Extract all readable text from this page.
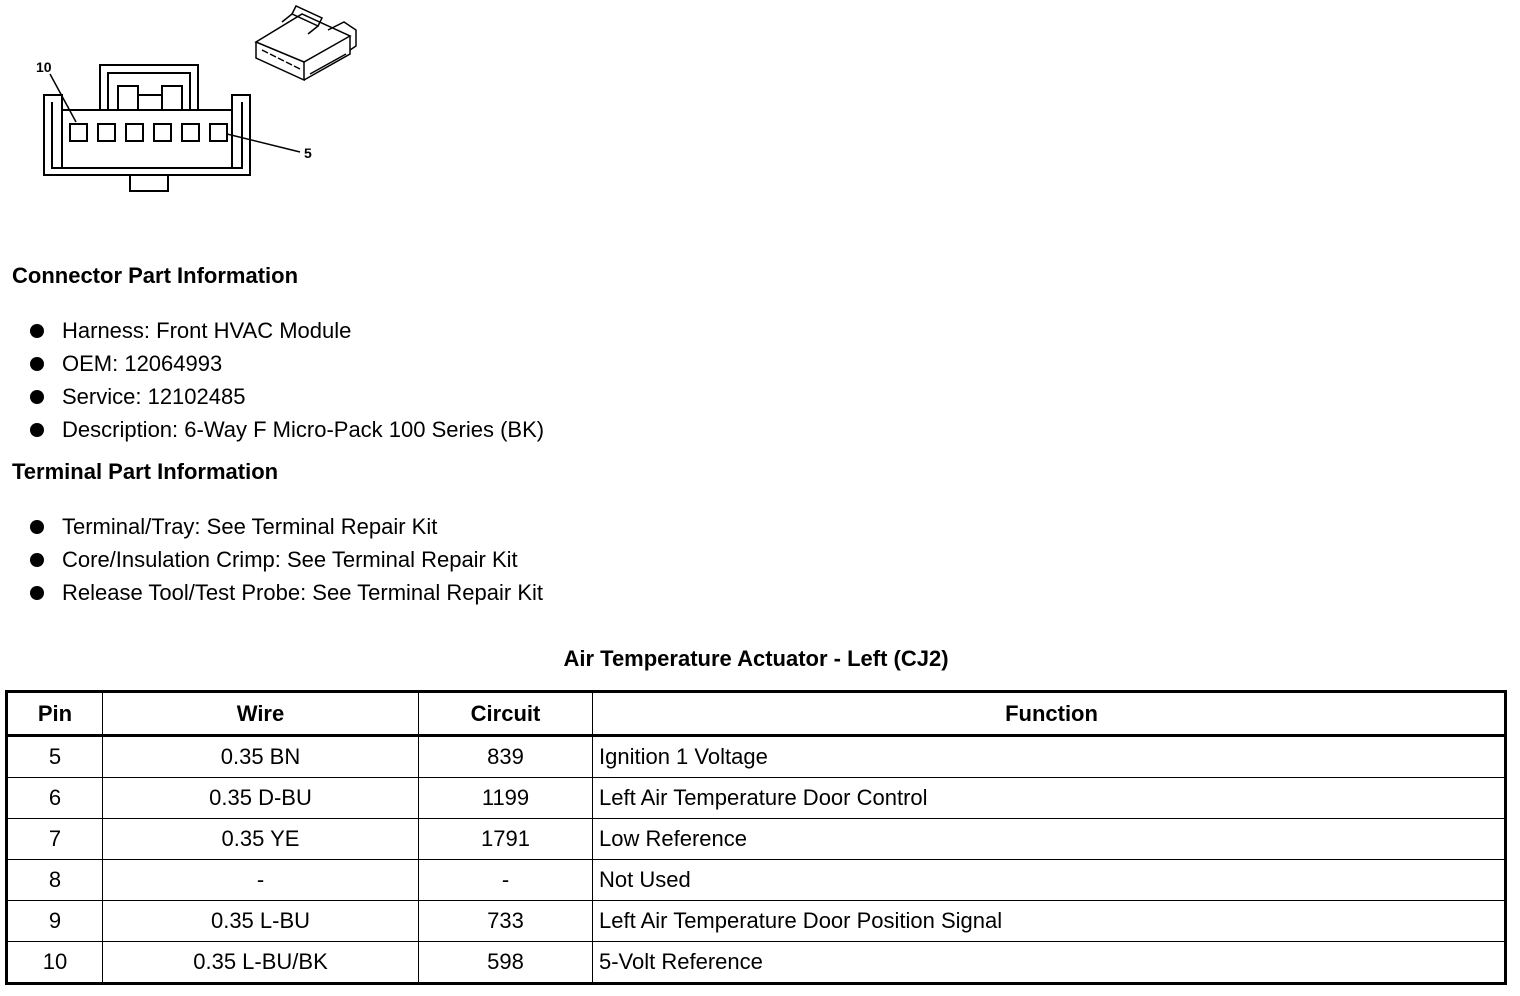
10
5
Connector Part Information
Harness: Front HVAC Module
OEM: 12064993
Service: 12102485
Description: 6-Way F Micro-Pack 100 Series (BK)
Terminal Part Information
Terminal/Tray: See Terminal Repair Kit
Core/Insulation Crimp: See Terminal Repair Kit
Release Tool/Test Probe: See Terminal Repair Kit
Air Temperature Actuator - Left (CJ2)
Pin	Wire	Circuit	Function
5	0.35 BN	839	Ignition 1 Voltage
6	0.35 D-BU	1199	Left Air Temperature Door Control
7	0.35 YE	1791	Low Reference
8	-	-	Not Used
9	0.35 L-BU	733	Left Air Temperature Door Position Signal
10	0.35 L-BU/BK	598	5-Volt Reference
